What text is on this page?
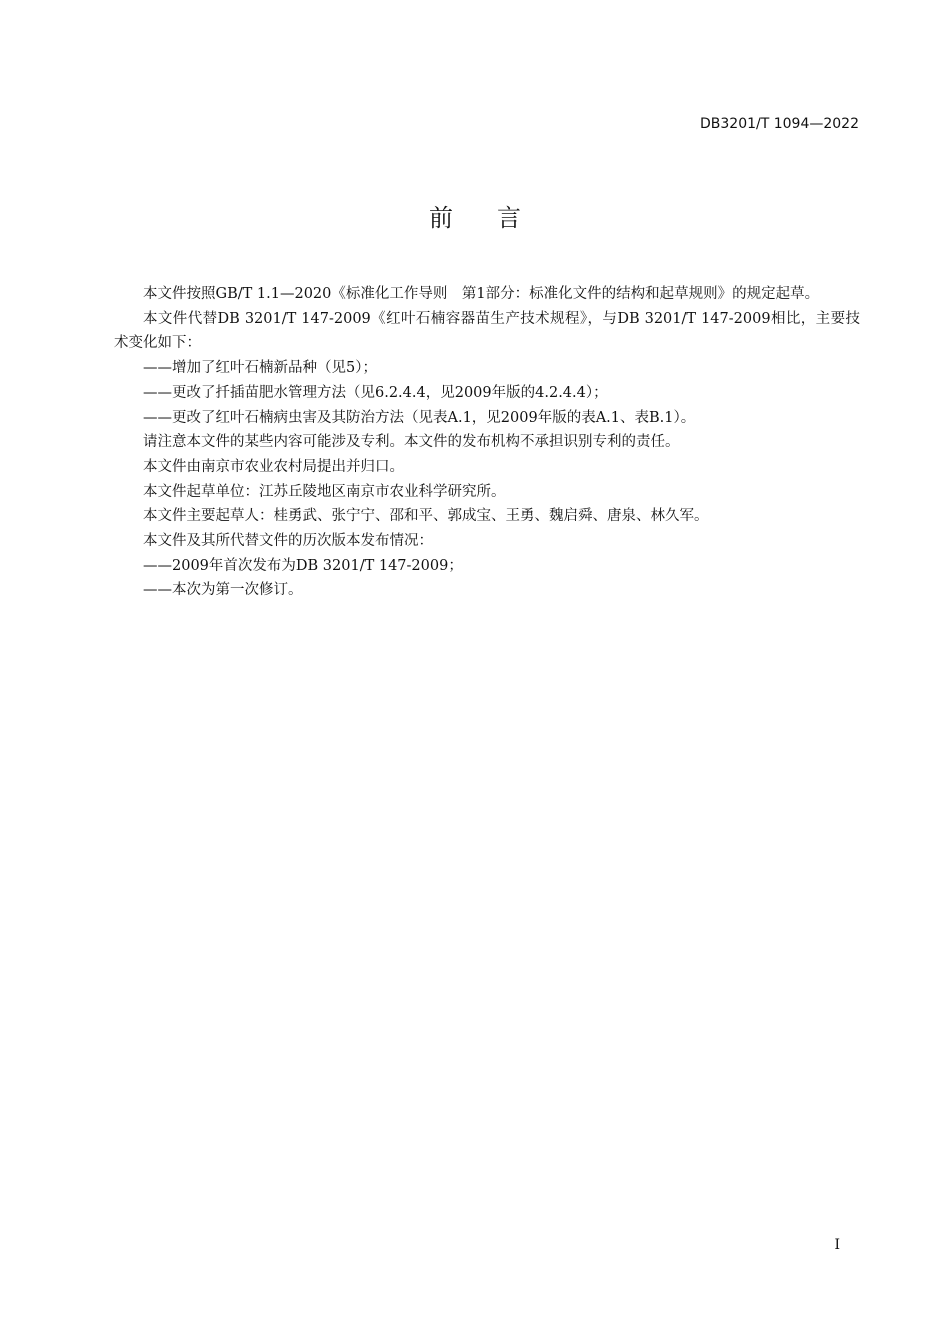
DB3201/T 1094—2022
前言

本文件按照GB/T 1.1—2020《标准化工作导则　第1部分：标准化文件的结构和起草规则》的规定起草。

本文件代替DB 3201/T 147-2009《红叶石楠容器苗生产技术规程》，与DB 3201/T 147-2009相比，主要技术变化如下：

——增加了红叶石楠新品种（见5）；

——更改了扦插苗肥水管理方法（见6.2.4.4，见2009年版的4.2.4.4）；

——更改了红叶石楠病虫害及其防治方法（见表A.1，见2009年版的表A.1、表B.1）。

请注意本文件的某些内容可能涉及专利。本文件的发布机构不承担识别专利的责任。

本文件由南京市农业农村局提出并归口。

本文件起草单位：江苏丘陵地区南京市农业科学研究所。

本文件主要起草人：桂勇武、张宁宁、邵和平、郭成宝、王勇、魏启舜、唐泉、林久军。

本文件及其所代替文件的历次版本发布情况：

——2009年首次发布为DB 3201/T 147-2009；

——本次为第一次修订。

I
